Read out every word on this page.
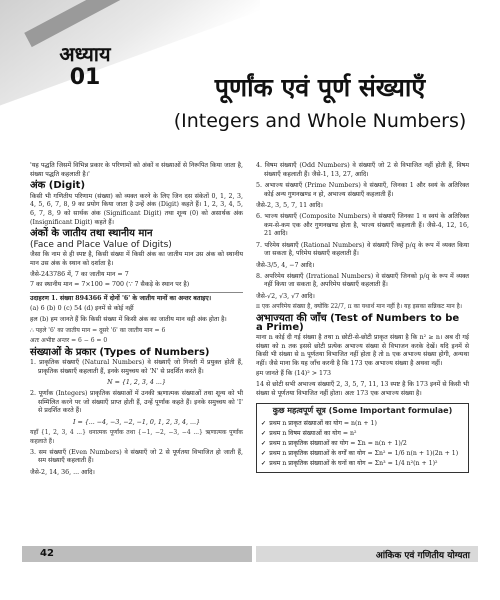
अध्याय
01	पूर्णांक एवं पूर्ण संख्याएँ
(Integers and Whole Numbers)

'यह पद्धति जिसमें विभिन्न प्रकार के परिणामों को अंकों व संख्याओं से निरूपित किया जाता है, संख्या पद्धति कहलाती है।'

अंक (Digit)

किसी भी गणितीय परिणाम (संख्या) को व्यक्त करने के लिए जिन दस संकेतों 0, 1, 2, 3, 4, 5, 6, 7, 8, 9 का प्रयोग किया जाता है उन्हें अंक (Digit) कहते हैं। 1, 2, 3, 4, 5, 6, 7, 8, 9 को सार्थक अंक (Significant Digit) तथा शून्य (0) को असार्थक अंक (Insignificant Digit) कहते हैं।

अंकों के जातीय तथा स्थानीय मान
(Face and Place Value of Digits)

जैसा कि नाम से ही स्पष्ट है, किसी संख्या में किसी अंक का जातीय मान उस अंक को स्थानीय मान उस अंक के स्थान को दर्शाता है।

जैसे-243786 में, 7 का जातीय मान = 7
7 का स्थानीय मान = 7×100 = 700 (∵ 7 सैकड़े के स्थान पर है)

उदाहरण 1. संख्या 894366 में दोनों '6' के जातीय मानों का अन्तर बताइए।

(a) 6 (b) 0 (c) 54 (d) इनमें से कोई नहीं

हल (b) हम जानते हैं कि किसी संख्या में किसी अंक का जातीय मान वही अंक होता है।

∴ पहले '6' का जातीय मान = दूसरे '6' का जातीय मान = 6
अतः अभीष्ट अन्तर = 6 − 6 = 0
संख्याओं के प्रकार (Types of Numbers)

1. प्राकृतिक संख्याएँ (Natural Numbers) वे संख्याएँ जो गिनती में प्रयुक्त होती हैं, प्राकृतिक संख्याएँ कहलाती हैं, इनके समुच्चय को 'N' से प्रदर्शित करते हैं।

N = {1, 2, 3, 4 ...}

2. पूर्णांक (Integers) प्राकृतिक संख्याओं में उनकी ऋणात्मक संख्याओं तथा शून्य को भी सम्मिलित करने पर जो संख्याएँ प्राप्त होती हैं, उन्हें पूर्णांक कहते हैं। इनके समुच्चय को 'I' से प्रदर्शित करते हैं।

I = {... −4, −3, −2, −1, 0, 1, 2, 3, 4, ...}

यहाँ {1, 2, 3, 4 ...} धनात्मक पूर्णांक तथा {−1, −2, −3, −4 ...} ऋणात्मक पूर्णांक कहलाते हैं।

3. सम संख्याएँ (Even Numbers) वे संख्याएँ जो 2 से पूर्णतया विभाजित हो जाती हैं, सम संख्याएँ कहलाती हैं।

जैसे-2, 14, 36, ... आदि।

4. विषम संख्याएँ (Odd Numbers) वे संख्याएँ जो 2 से विभाजित नहीं होती हैं, विषम संख्याएँ कहलाती हैं। जैसे-1, 13, 27, आदि।

5. अभाज्य संख्याएँ (Prime Numbers) वे संख्याएँ, जिनका 1 और स्वयं के अतिरिक्त कोई अन्य गुणनखण्ड न हो, अभाज्य संख्याएँ कहलाती हैं।

जैसे-2, 3, 5, 7, 11 आदि।

6. भाज्य संख्याएँ (Composite Numbers) वे संख्याएँ जिनका 1 व स्वयं के अतिरिक्त कम-से-कम एक और गुणनखण्ड होता है, भाज्य संख्याएँ कहलाती हैं। जैसे-4, 12, 16, 21 आदि।

7. परिमेय संख्याएँ (Rational Numbers) वे संख्याएँ जिन्हें p/q के रूप में व्यक्त किया जा सकता है, परिमेय संख्याएँ कहलाती हैं।

जैसे-3/5, 4, −7 आदि।

8. अपरिमेय संख्याएँ (Irrational Numbers) वे संख्याएँ जिनको p/q के रूप में व्यक्त नहीं किया जा सकता है, अपरिमेय संख्याएँ कहलाती हैं।

जैसे-√2, √3, √7 आदि।

π एक अपरिमेय संख्या है, क्योंकि 22/7, π का यथार्थ मान नहीं है। यह इसका सन्निकट मान है।

अभाज्यता की जाँच (Test of Numbers to be a Prime)

माना n कोई दी गई संख्या है तथा n छोटी-से-छोटी प्राकृत संख्या है कि n² ≥ n। अब दी गई संख्या को n तक इससे छोटी प्रत्येक अभाज्य संख्या से विभाजन करके देखें। यदि इनमें से किसी भी संख्या से n पूर्णतया विभाजित नहीं होता है तो n एक अभाज्य संख्या होगी, अन्यथा नहीं। जैसे माना कि यह जाँच करनी है कि 173 एक अभाज्य संख्या है अथवा नहीं।

हम जानते हैं कि (14)² > 173

14 से छोटी सभी अभाज्य संख्याएँ 2, 3, 5, 7, 11, 13 स्पष्ट है कि 173 इनमें से किसी भी संख्या से पूर्णतया विभाजित नहीं होता। अतः 173 एक अभाज्य संख्या है।

कुछ महत्वपूर्ण सूत्र (Some Important formulae)
✓ प्रथम n प्राकृत संख्याओं का योग = n(n + 1)
✓ प्रथम n विषम संख्याओं का योग = n²
✓ प्रथम n प्राकृतिक संख्याओं का योग = Σn = n(n + 1)/2
✓ प्रथम n प्राकृतिक संख्याओं के वर्गों का योग = Σn² = 1/6 n(n + 1)(2n + 1)
✓ प्रथम n प्राकृतिक संख्याओं के घनों का योग = Σn³ = 1/4 n²(n + 1)²
42	आंकिक एवं गणितीय योग्यता
